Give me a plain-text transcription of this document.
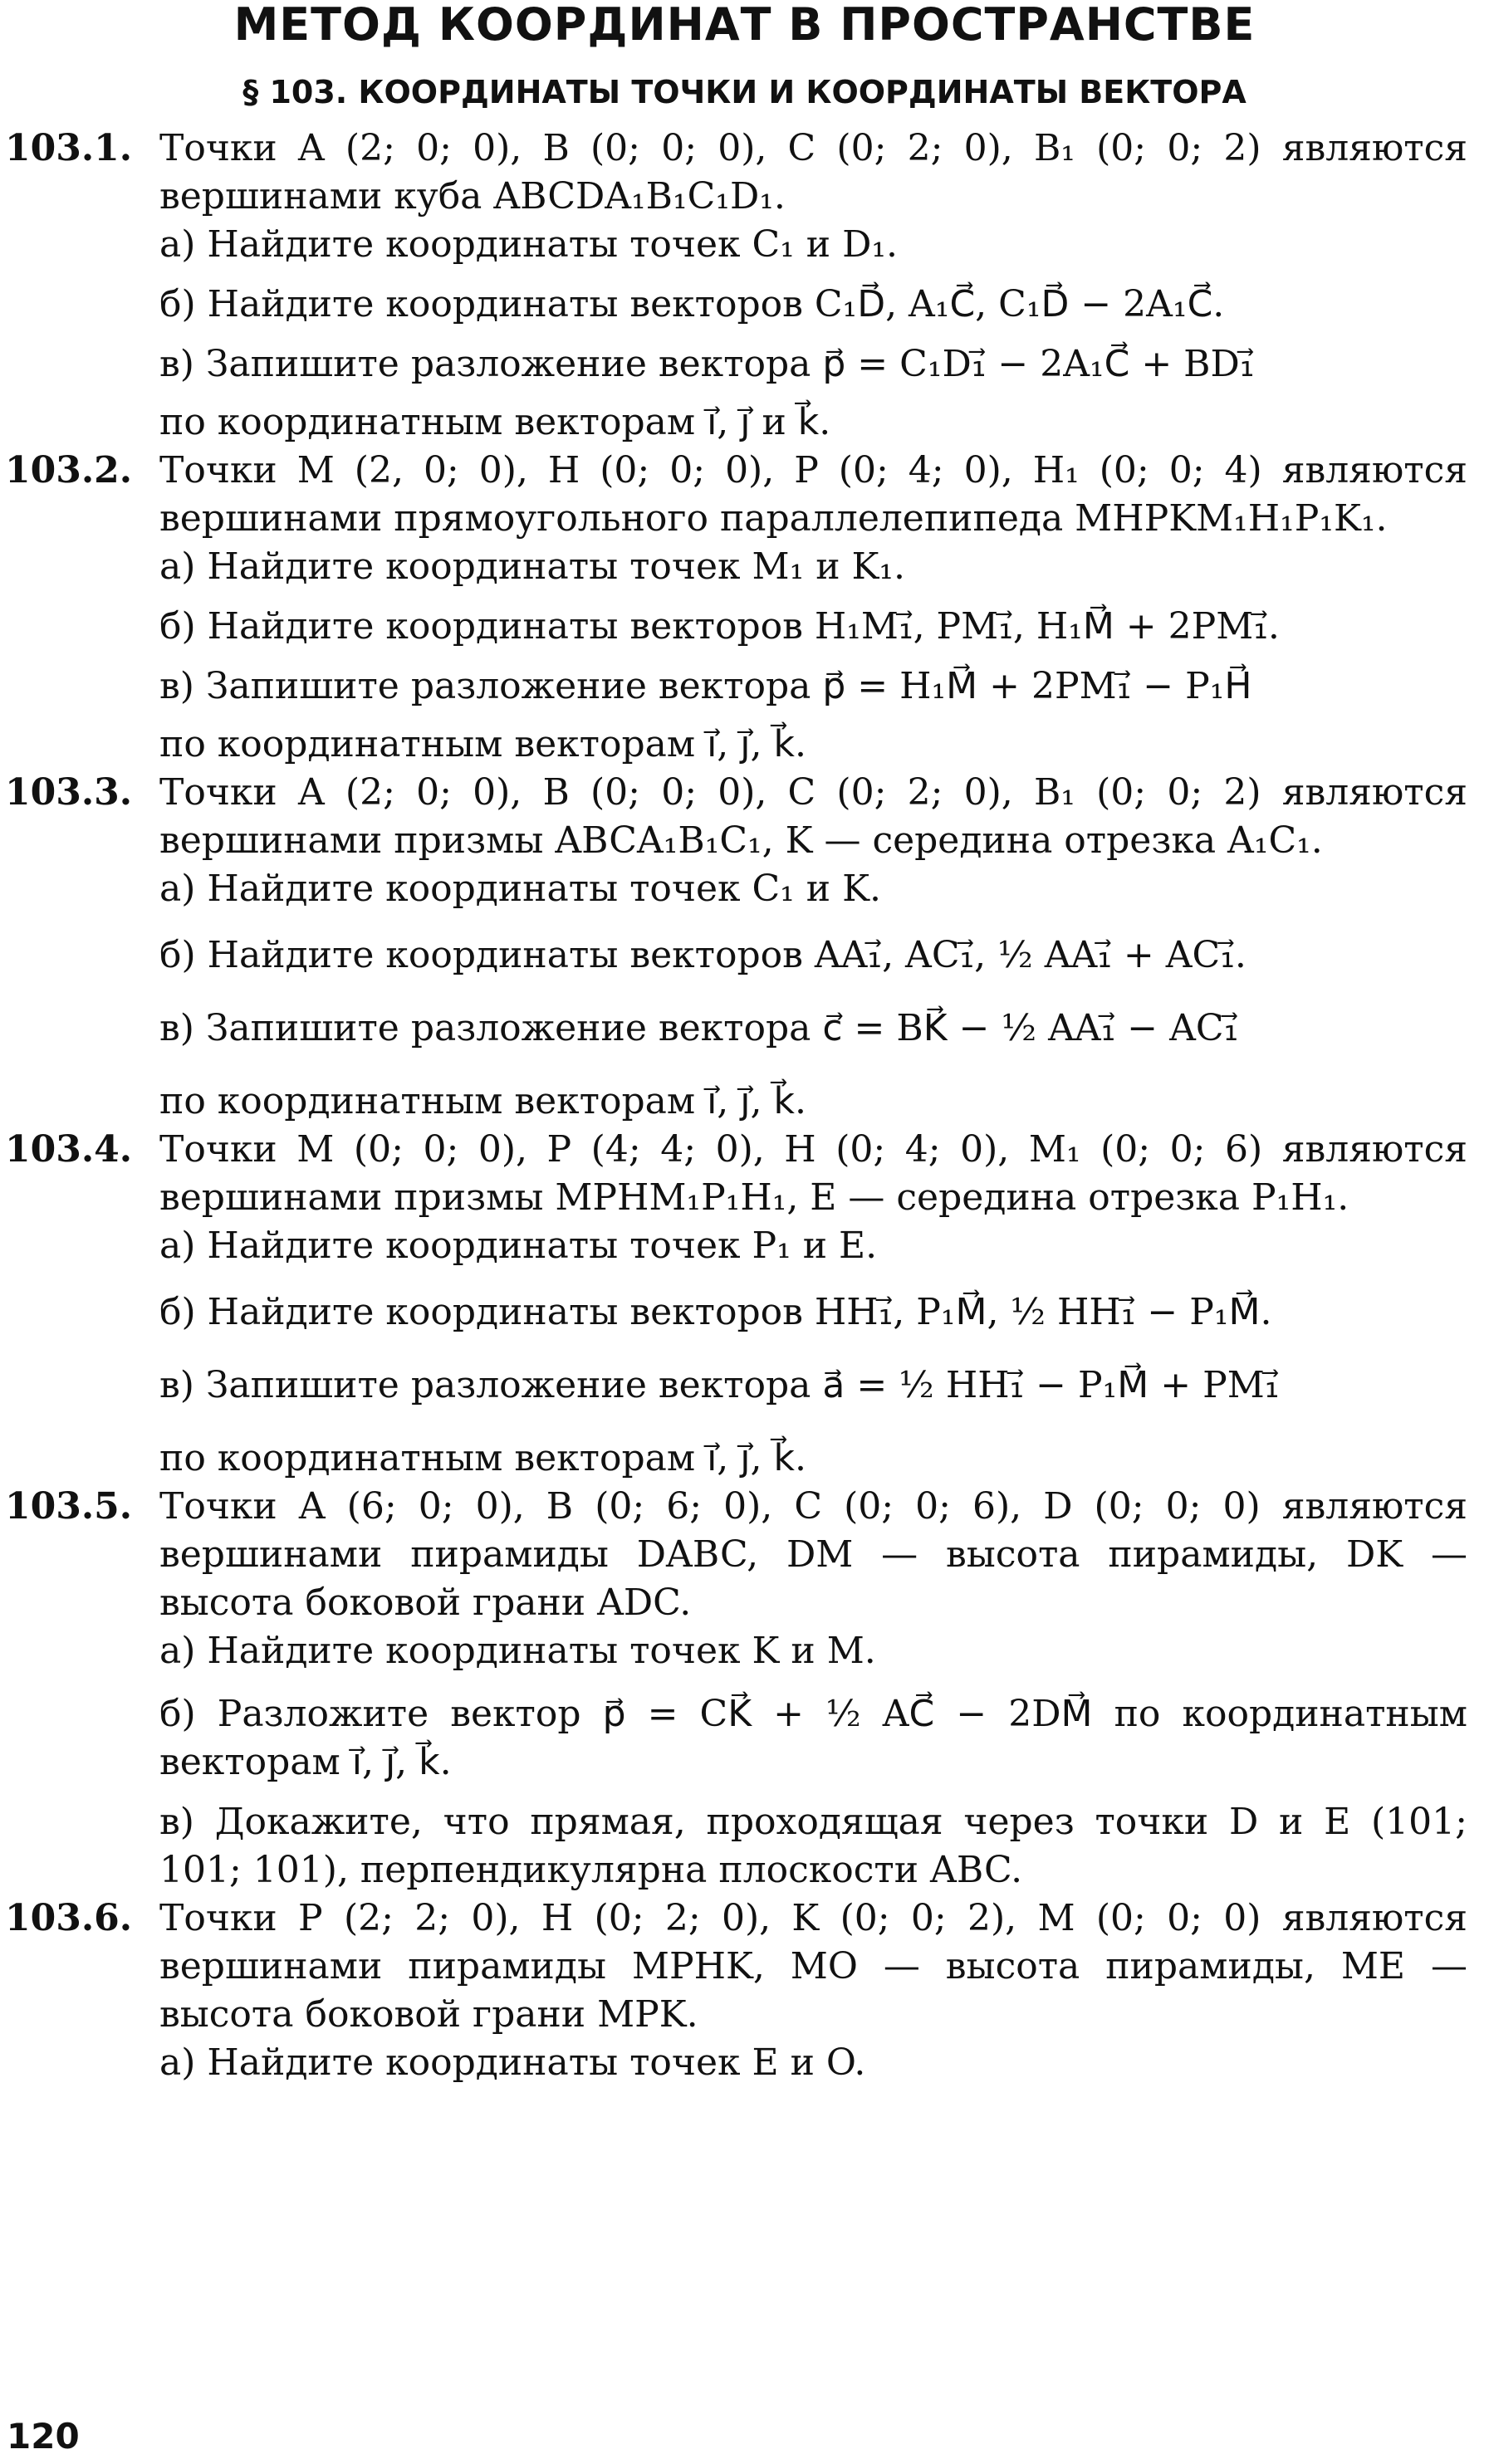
МЕТОД КООРДИНАТ В ПРОСТРАНСТВЕ
§ 103. КООРДИНАТЫ ТОЧКИ И КООРДИНАТЫ ВЕКТОРА
103.1. Точки A (2; 0; 0), B (0; 0; 0), C (0; 2; 0), B₁ (0; 0; 2) являются вершинами куба ABCDA₁B₁C₁D₁.
а) Найдите координаты точек C₁ и D₁.
б) Найдите координаты векторов C₁D⃗, A₁C⃗, C₁D⃗ − 2A₁C⃗.
в) Запишите разложение вектора p⃗ = C₁D₁⃗ − 2A₁C⃗ + BD₁⃗
по координатным векторам i⃗, j⃗ и k⃗.
103.2. Точки M (2, 0; 0), H (0; 0; 0), P (0; 4; 0), H₁ (0; 0; 4) являются вершинами прямоугольного параллелепипеда MHPKM₁H₁P₁K₁.
а) Найдите координаты точек M₁ и K₁.
б) Найдите координаты векторов H₁M₁⃗, PM₁⃗, H₁M⃗ + 2PM₁⃗.
в) Запишите разложение вектора p⃗ = H₁M⃗ + 2PM₁⃗ − P₁H⃗
по координатным векторам i⃗, j⃗, k⃗.
103.3. Точки A (2; 0; 0), B (0; 0; 0), C (0; 2; 0), B₁ (0; 0; 2) являются вершинами призмы ABCA₁B₁C₁, K — середина отрезка A₁C₁.
а) Найдите координаты точек C₁ и K.
б) Найдите координаты векторов AA₁⃗, AC₁⃗, ½ AA₁⃗ + AC₁⃗.
в) Запишите разложение вектора c⃗ = BK⃗ − ½ AA₁⃗ − AC₁⃗
по координатным векторам i⃗, j⃗, k⃗.
103.4. Точки M (0; 0; 0), P (4; 4; 0), H (0; 4; 0), M₁ (0; 0; 6) являются вершинами призмы MPHM₁P₁H₁, E — середина отрезка P₁H₁.
а) Найдите координаты точек P₁ и E.
б) Найдите координаты векторов HH₁⃗, P₁M⃗, ½ HH₁⃗ − P₁M⃗.
в) Запишите разложение вектора a⃗ = ½ HH₁⃗ − P₁M⃗ + PM₁⃗
по координатным векторам i⃗, j⃗, k⃗.
103.5. Точки A (6; 0; 0), B (0; 6; 0), C (0; 0; 6), D (0; 0; 0) являются вершинами пирамиды DABC, DM — высота пирамиды, DK — высота боковой грани ADC.
а) Найдите координаты точек K и M.
б) Разложите вектор p⃗ = CK⃗ + ½ AC⃗ − 2DM⃗ по координатным векторам i⃗, j⃗, k⃗.
в) Докажите, что прямая, проходящая через точки D и E (101; 101; 101), перпендикулярна плоскости ABC.
103.6. Точки P (2; 2; 0), H (0; 2; 0), K (0; 0; 2), M (0; 0; 0) являются вершинами пирамиды MPHK, MO — высота пирамиды, ME — высота боковой грани MPK.
а) Найдите координаты точек E и O.
120
